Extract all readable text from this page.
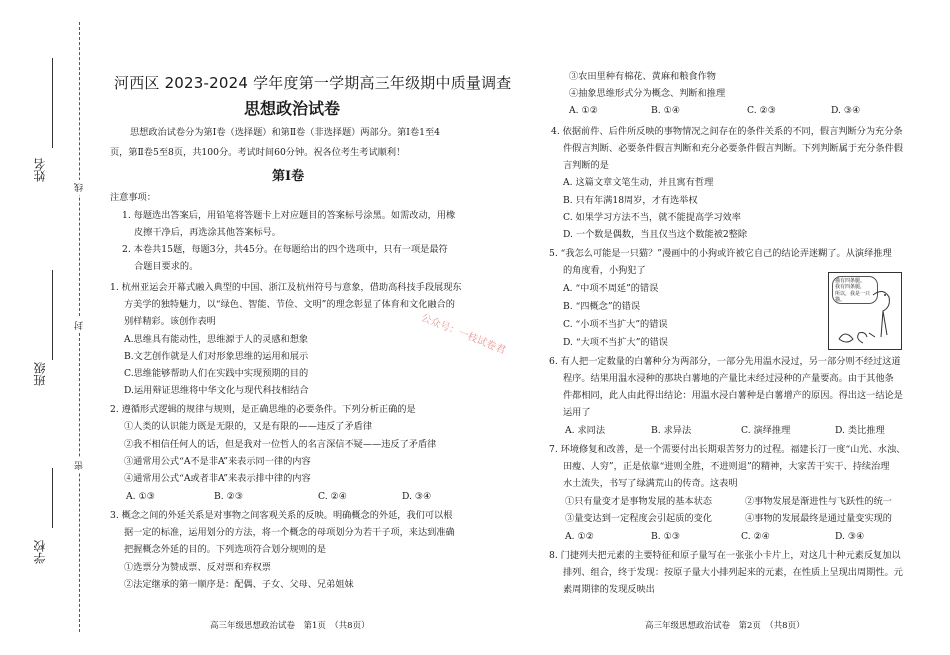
姓名
班级
学校
线
封
密
河西区 2023-2024 学年度第一学期高三年级期中质量调查
思想政治试卷
思想政治试卷分为第Ⅰ卷（选择题）和第Ⅱ卷（非选择题）两部分。第Ⅰ卷1至4
页，第Ⅱ卷5至8页，共100分。考试时间60分钟。祝各位考生考试顺利！
第Ⅰ卷
注意事项：
1. 每题选出答案后，用铅笔将答题卡上对应题目的答案标号涂黑。如需改动，用橡
皮擦干净后，再选涂其他答案标号。
2. 本卷共15题，每题3分，共45分。在每题给出的四个选项中，只有一项是最符
合题目要求的。
1. 杭州亚运会开幕式融入典型的中国、浙江及杭州符号与意象，借助高科技手段展现东
方美学的独特魅力，以“绿色、智能、节俭、文明”的理念彰显了体育和文化融合的
别样精彩。该创作表明
A.思维具有能动性，思维源于人的灵感和想象
B.文艺创作就是人们对形象思维的运用和展示
C.思维能够帮助人们在实践中实现预期的目的
D.运用辩证思维将中华文化与现代科技相结合
2. 遵循形式逻辑的规律与规则，是正确思维的必要条件。下列分析正确的是
①人类的认识能力既是无限的，又是有限的——违反了矛盾律
②我不相信任何人的话，但是我对一位哲人的名言深信不疑——违反了矛盾律
③通常用公式“A不是非A”来表示同一律的内容
④通常用公式“A或者非A”来表示排中律的内容
A. ①③	B. ②③	C. ②④	D. ③④
3. 概念之间的外延关系是对事物之间客观关系的反映。明确概念的外延，我们可以根
据一定的标准，运用划分的方法，将一个概念的母项划分为若干子项，来达到准确
把握概念外延的目的。下列选项符合划分规则的是
①选票分为赞成票、反对票和弃权票
②法定继承的第一顺序是：配偶、子女、父母、兄弟姐妹
高三年级思想政治试卷　第1页　（共8页）
公众号：一枝试卷君
③农田里种有棉花、黄麻和粮食作物
④抽象思维形式分为概念、判断和推理
A. ①②	B. ①④	C. ②③	D. ③④
4. 依据前件、后件所反映的事物情况之间存在的条件关系的不同，假言判断分为充分条
件假言判断、必要条件假言判断和充分必要条件假言判断。下列判断属于充分条件假
言判断的是
A. 这篇文章文笔生动，并且寓有哲理
B. 只有年满18周岁，才有选举权
C. 如果学习方法不当，就不能提高学习效率
D. 一个数是偶数，当且仅当这个数能被2整除
5. “我怎么可能是一只猫？”漫画中的小狗或许被它自己的结论弄迷糊了。从演绎推理
的角度看，小狗犯了
A. “中项不周延”的错误
B. “四概念”的错误
C. “小项不当扩大”的错误
D. “大项不当扩大”的错误
猫有四条腿。
我有四条腿，
所以，我是一只猫。
6. 有人把一定数量的白薯种分为两部分，一部分先用温水浸过，另一部分则不经过这道
程序。结果用温水浸种的那块白薯地的产量比未经过浸种的产量要高。由于其他条
件都相同，此人由此得出结论：用温水浸白薯种是白薯增产的原因。得出这一结论是
运用了
A. 求同法	B. 求异法	C. 演绎推理	D. 类比推理
7. 环境修复和改善，是一个需要付出长期艰苦努力的过程。福建长汀一度“山光、水浊、
田瘦、人穷”，正是依靠“进则全胜，不进则退”的精神，大家苦干实干、持续治理
水土流失，书写了绿满荒山的传奇。这表明
①只有量变才是事物发展的基本状态	②事物发展是渐进性与飞跃性的统一
③量变达到一定程度会引起质的变化	④事物的发展最终是通过量变实现的
A. ①②	B. ①③	C. ②④	D. ③④
8. 门捷列夫把元素的主要特征和原子量写在一张张小卡片上，对这几十种元素反复加以
排列、组合，终于发现：按原子量大小排列起来的元素，在性质上呈现出周期性。元
素周期律的发现反映出
高三年级思想政治试卷　第2页　（共8页）
